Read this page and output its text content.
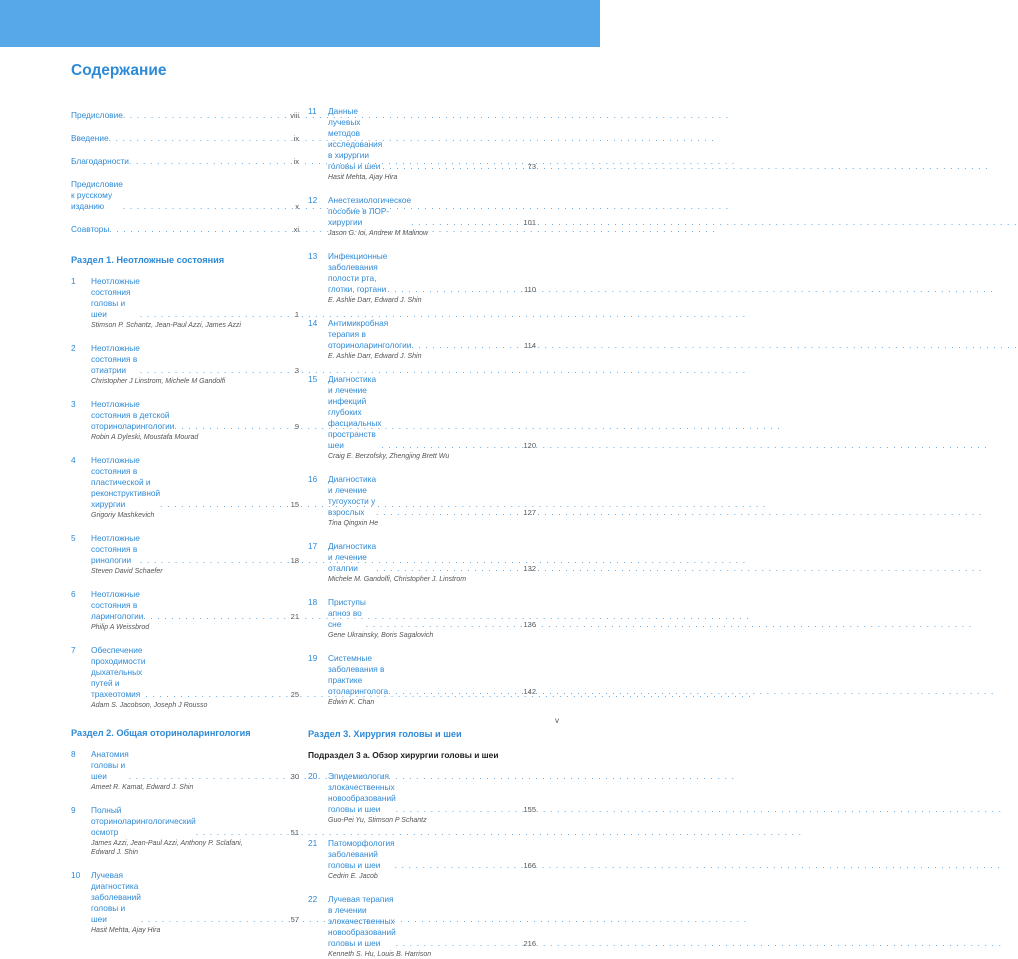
Содержание
Предисловие . . .	viii
Введение . . .	ix
Благодарности . . .	ix
Предисловие к русскому изданию . . .	x
Соавторы . . .	xi
Раздел 1. Неотложные состояния
1	Неотложные состояния головы и шеи . . .	1
Stimson P. Schantz, Jean-Paul Azzi, James Azzi
2	Неотложные состояния в отиатрии . . .	3
Christopher J Linstrom, Michele M Gandolfi
3	Неотложные состояния в детской оториноларингологии . . .	9
Robin A Dyleski, Moustafa Mourad
4	Неотложные состояния в пластической и реконструктивной хирургии . . .	15
Grigoriy Mashkevich
5	Неотложные состояния в ринологии . . .	18
Steven David Schaefer
6	Неотложные состояния в ларингологии . . .	21
Philip A Weissbrod
7	Обеспечение проходимости дыхательных путей и трахеотомия . . .	25
Adam S. Jacobson, Joseph J Rousso
Раздел 2. Общая оториноларингология
8	Анатомия головы и шеи . . .	30
Ameet R. Kamat, Edward J. Shin
9	Полный оториноларингологический осмотр . . .	51
James Azzi, Jean-Paul Azzi, Anthony P. Sclafani, Edward J. Shin
10	Лучевая диагностика заболеваний головы и шеи . . .	57
Hasit Mehta, Ajay Hira
11	Данные лучевых методов исследования в хирургии головы и шеи . . .	73
Hasit Mehta, Ajay Hira
12	Анестезиологическое пособие в ЛОР-хирургии . . .	101
Jason G. Ioi, Andrew M Malinow
13	Инфекционные заболевания полости рта, глотки, гортани . . .	110
E. Ashlie Darr, Edward J. Shin
14	Антимикробная терапия в оториноларингологии . . .	114
E. Ashlie Darr, Edward J. Shin
15	Диагностика и лечение инфекций глубоких фасциальных пространств шеи . . .	120
Craig E. Berzofsky, Zhengjing Brett Wu
16	Диагностика и лечение тугоухости у взрослых . . .	127
Tina Qingxin He
17	Диагностика и лечение оталгии . . .	132
Michele M. Gandolfi, Christopher J. Linstrom
18	Приступы апноэ во сне . . .	136
Gene Ukrainsky, Boris Sagalovich
19	Системные заболевания в практике отоларинголога . . .	142
Edwin K. Chan
Раздел 3. Хирургия головы и шеи
Подраздел 3 а. Обзор хирургии головы и шеи
20	Эпидемиология злокачественных новообразований головы и шеи . . .	155
Guo-Pei Yu, Stimson P Schantz
21	Патоморфология заболеваний головы и шеи . . .	166
Cedrin E. Jacob
22	Лучевая терапия в лечении злокачественных новообразований головы и шеи . . .	216
Kenneth S. Hu, Louis B. Harrison
v
